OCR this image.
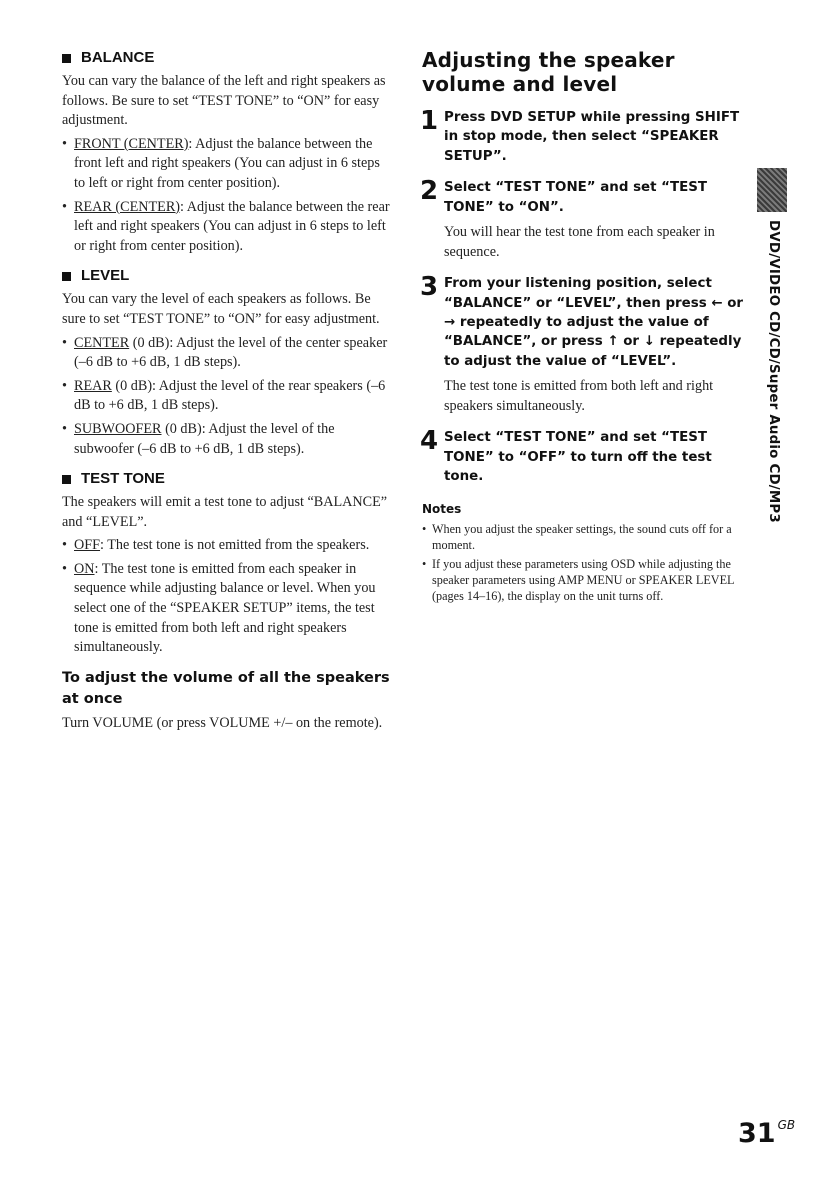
BALANCE

You can vary the balance of the left and right speakers as follows. Be sure to set “TEST TONE” to “ON” for easy adjustment.

• FRONT (CENTER): Adjust the balance between the front left and right speakers (You can adjust in 6 steps to left or right from center position).
• REAR (CENTER): Adjust the balance between the rear left and right speakers (You can adjust in 6 steps to left or right from center position).
LEVEL

You can vary the level of each speakers as follows. Be sure to set “TEST TONE” to “ON” for easy adjustment.

• CENTER (0 dB): Adjust the level of the center speaker (–6 dB to +6 dB, 1 dB steps).
• REAR (0 dB): Adjust the level of the rear speakers (–6 dB to +6 dB, 1 dB steps).
• SUBWOOFER (0 dB): Adjust the level of the subwoofer (–6 dB to +6 dB, 1 dB steps).
TEST TONE

The speakers will emit a test tone to adjust “BALANCE” and “LEVEL”.

• OFF: The test tone is not emitted from the speakers.
• ON: The test tone is emitted from each speaker in sequence while adjusting balance or level. When you select one of the “SPEAKER SETUP” items, the test tone is emitted from both left and right speakers simultaneously.
To adjust the volume of all the speakers at once

Turn VOLUME (or press VOLUME +/– on the remote).

Adjusting the speaker volume and level
1 Press DVD SETUP while pressing SHIFT in stop mode, then select “SPEAKER SETUP”.
2 Select “TEST TONE” and set “TEST TONE” to “ON”.
You will hear the test tone from each speaker in sequence.
3 From your listening position, select “BALANCE” or “LEVEL”, then press ← or → repeatedly to adjust the value of “BALANCE”, or press ↑ or ↓ repeatedly to adjust the value of “LEVEL”.
The test tone is emitted from both left and right speakers simultaneously.
4 Select “TEST TONE” and set “TEST TONE” to “OFF” to turn off the test tone.
Notes
• When you adjust the speaker settings, the sound cuts off for a moment.
• If you adjust these parameters using OSD while adjusting the speaker parameters using AMP MENU or SPEAKER LEVEL (pages 14–16), the display on the unit turns off.
DVD/VIDEO CD/CD/Super Audio CD/MP3
31 GB
